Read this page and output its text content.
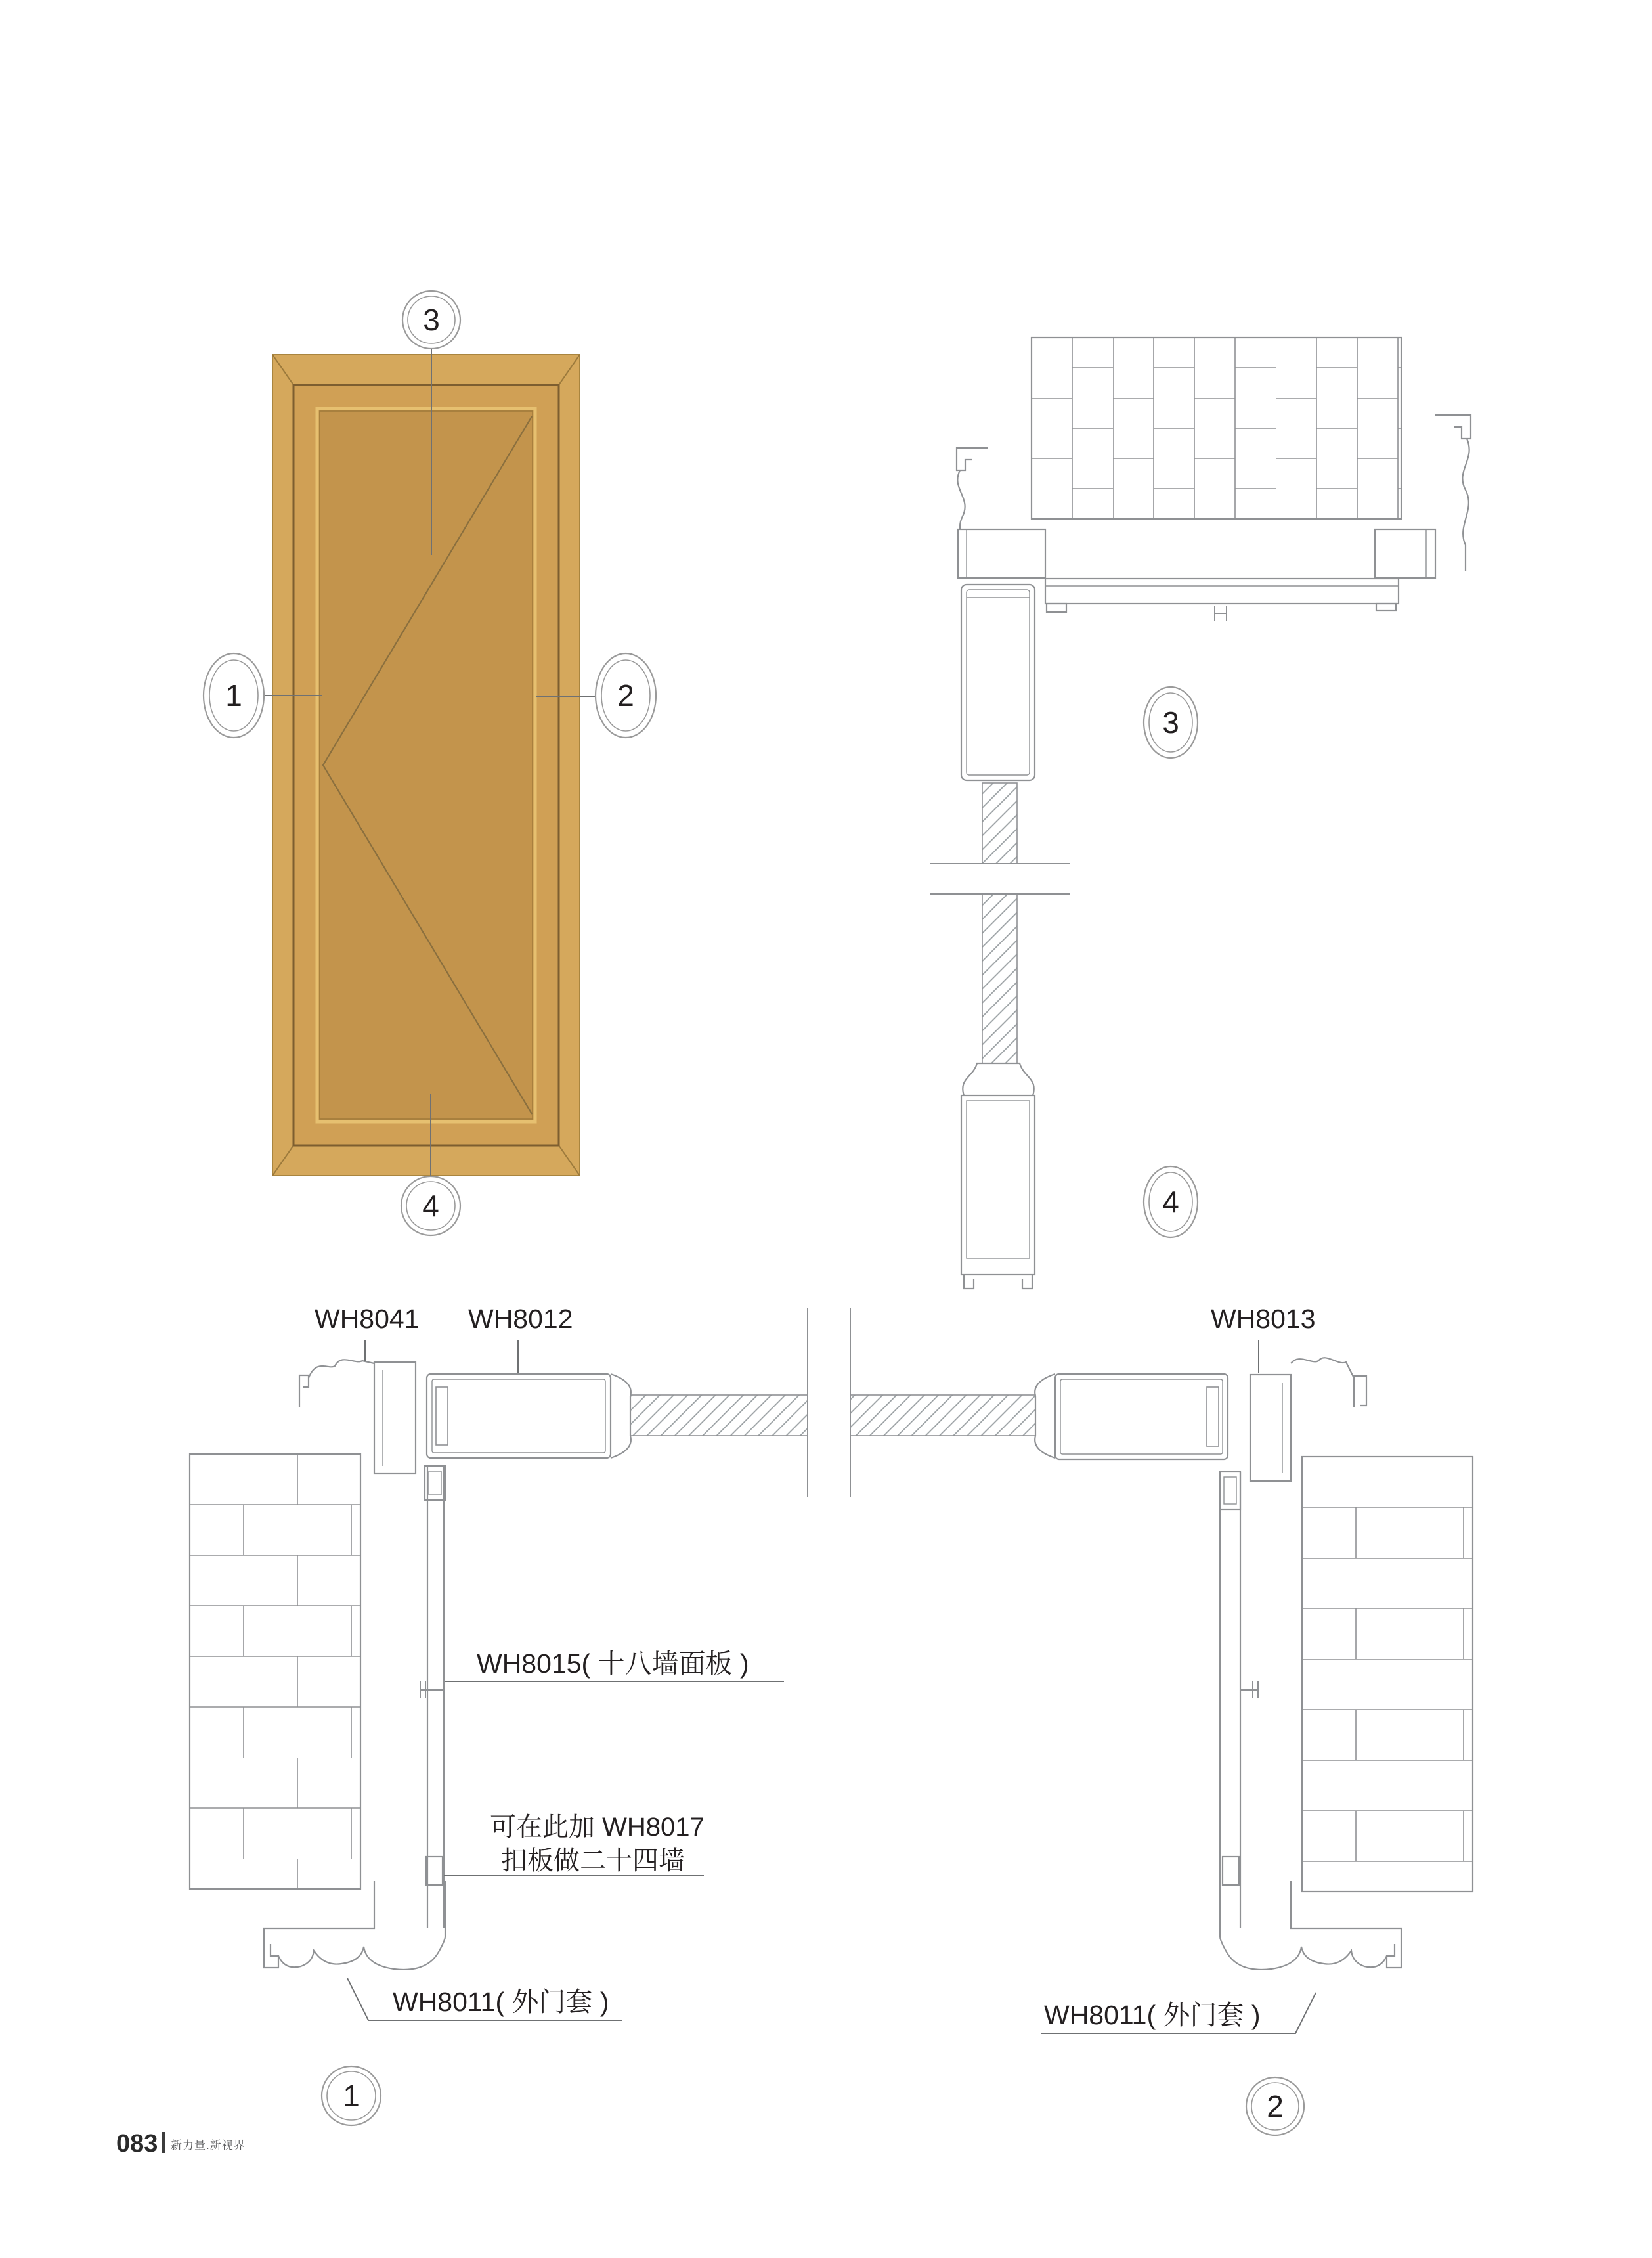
3
4
1	2
3
4
WH8041 WH8012	WH8013
WH8015( 十八墙面板 )
可在此加 WH8017
扣板做二十四墙
WH8011( 外门套 )	WH8011( 外门套 )
1	2
083 新力量.新视界
